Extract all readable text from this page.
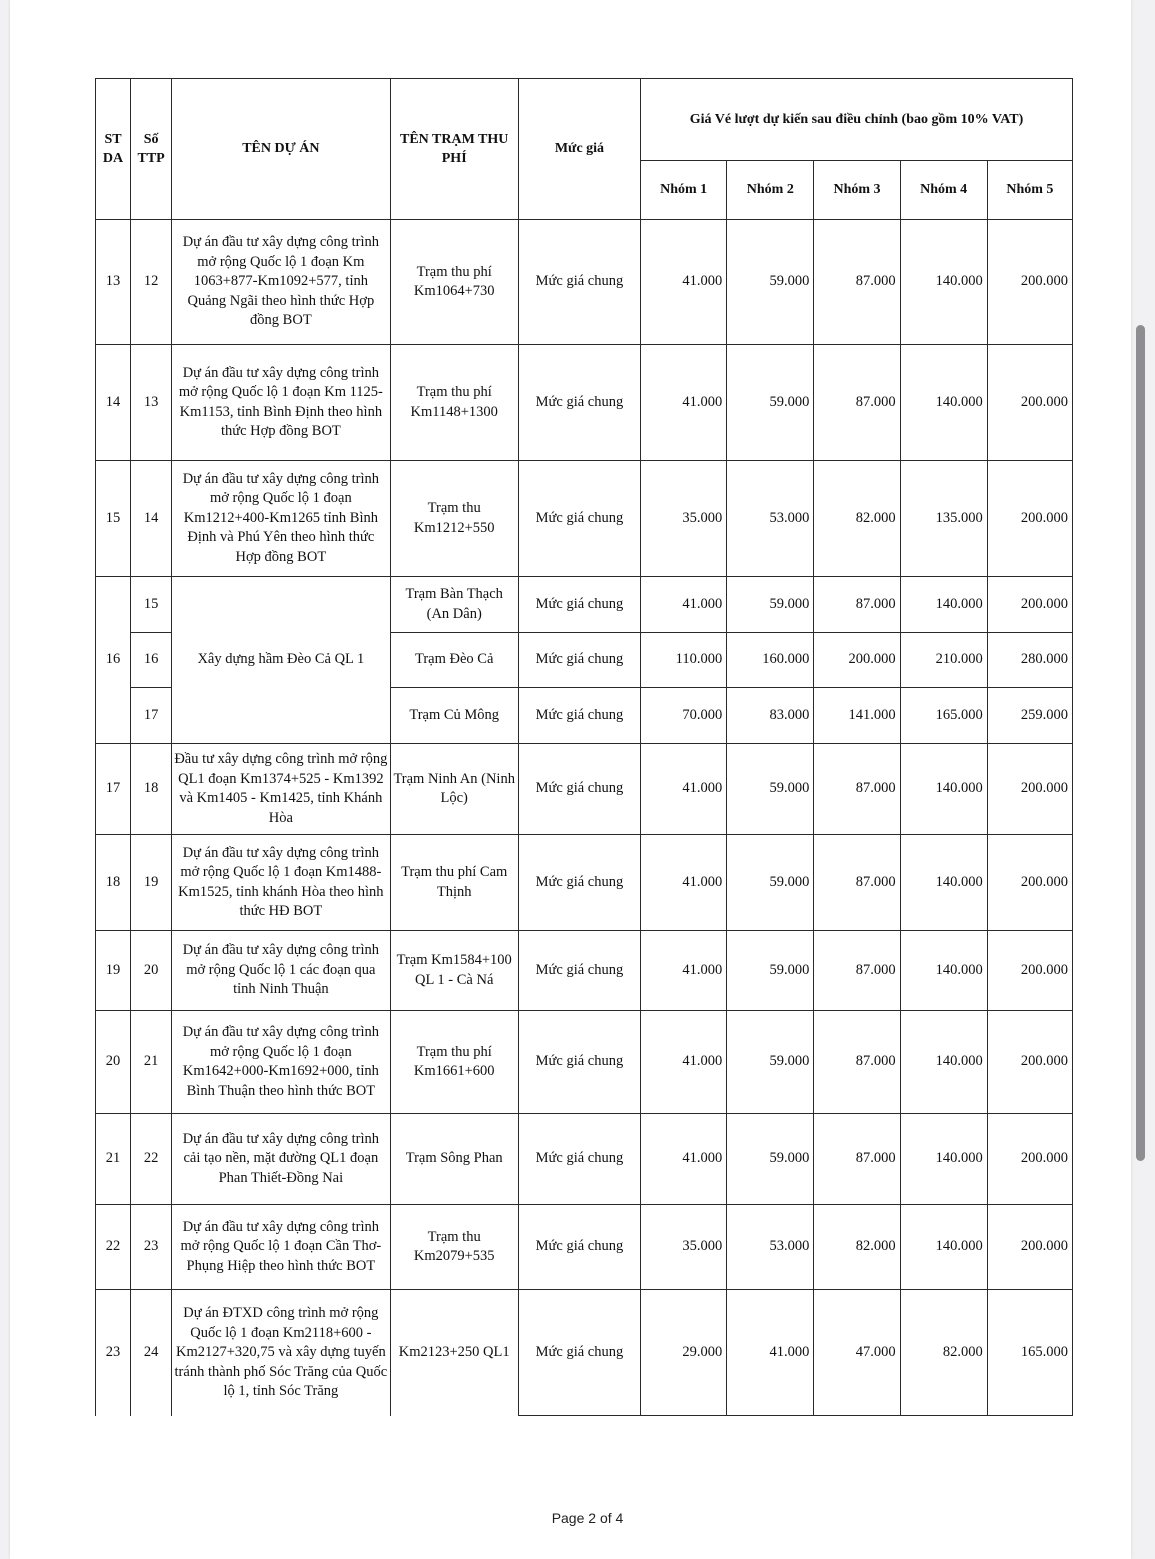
ST DA	Số TTP	TÊN DỰ ÁN	TÊN TRẠM THU PHÍ	Mức giá	Giá Vé lượt dự kiến sau điều chỉnh (bao gồm 10% VAT)				
					Nhóm 1	Nhóm 2	Nhóm 3	Nhóm 4	Nhóm 5
13	12	Dự án đầu tư xây dựng công trình mở rộng Quốc lộ 1 đoạn Km 1063+877-Km1092+577, tỉnh Quảng Ngãi theo hình thức Hợp đồng BOT	Trạm thu phí Km1064+730	Mức giá chung	41.000	59.000	87.000	140.000	200.000
14	13	Dự án đầu tư xây dựng công trình mở rộng Quốc lộ 1 đoạn Km 1125-Km1153, tỉnh Bình Định theo hình thức Hợp đồng BOT	Trạm thu phí Km1148+1300	Mức giá chung	41.000	59.000	87.000	140.000	200.000
15	14	Dự án đầu tư xây dựng công trình mở rộng Quốc lộ 1 đoạn Km1212+400-Km1265 tỉnh Bình Định và Phú Yên theo hình thức Hợp đồng BOT	Trạm thu Km1212+550	Mức giá chung	35.000	53.000	82.000	135.000	200.000
16	15	Xây dựng hầm Đèo Cả QL 1	Trạm Bàn Thạch (An Dân)	Mức giá chung	41.000	59.000	87.000	140.000	200.000
	16		Trạm Đèo Cả	Mức giá chung	110.000	160.000	200.000	210.000	280.000
	17		Trạm Củ Mông	Mức giá chung	70.000	83.000	141.000	165.000	259.000
17	18	Đầu tư xây dựng công trình mở rộng QL1 đoạn Km1374+525 - Km1392 và Km1405 - Km1425, tỉnh Khánh Hòa	Trạm Ninh An (Ninh Lộc)	Mức giá chung	41.000	59.000	87.000	140.000	200.000
18	19	Dự án đầu tư xây dựng công trình mở rộng Quốc lộ 1 đoạn Km1488-Km1525, tỉnh khánh Hòa theo hình thức HĐ BOT	Trạm thu phí Cam Thịnh	Mức giá chung	41.000	59.000	87.000	140.000	200.000
19	20	Dự án đầu tư xây dựng công trình mở rộng Quốc lộ 1 các đoạn qua tỉnh Ninh Thuận	Trạm Km1584+100 QL 1 - Cà Ná	Mức giá chung	41.000	59.000	87.000	140.000	200.000
20	21	Dự án đầu tư xây dựng công trình mở rộng Quốc lộ 1 đoạn Km1642+000-Km1692+000, tỉnh Bình Thuận theo hình thức BOT	Trạm thu phí Km1661+600	Mức giá chung	41.000	59.000	87.000	140.000	200.000
21	22	Dự án đầu tư xây dựng công trình cải tạo nền, mặt đường QL1 đoạn Phan Thiết-Đồng Nai	Trạm Sông Phan	Mức giá chung	41.000	59.000	87.000	140.000	200.000
22	23	Dự án đầu tư xây dựng công trình mở rộng Quốc lộ 1 đoạn Cần Thơ-Phụng Hiệp theo hình thức BOT	Trạm thu Km2079+535	Mức giá chung	35.000	53.000	82.000	140.000	200.000
23	24	Dự án ĐTXD công trình mở rộng Quốc lộ 1 đoạn Km2118+600 - Km2127+320,75 và xây dựng tuyến tránh thành phố Sóc Trăng của Quốc lộ 1, tỉnh Sóc Trăng	Km2123+250 QL1	Mức giá chung	29.000	41.000	47.000	82.000	165.000
Page 2 of 4
